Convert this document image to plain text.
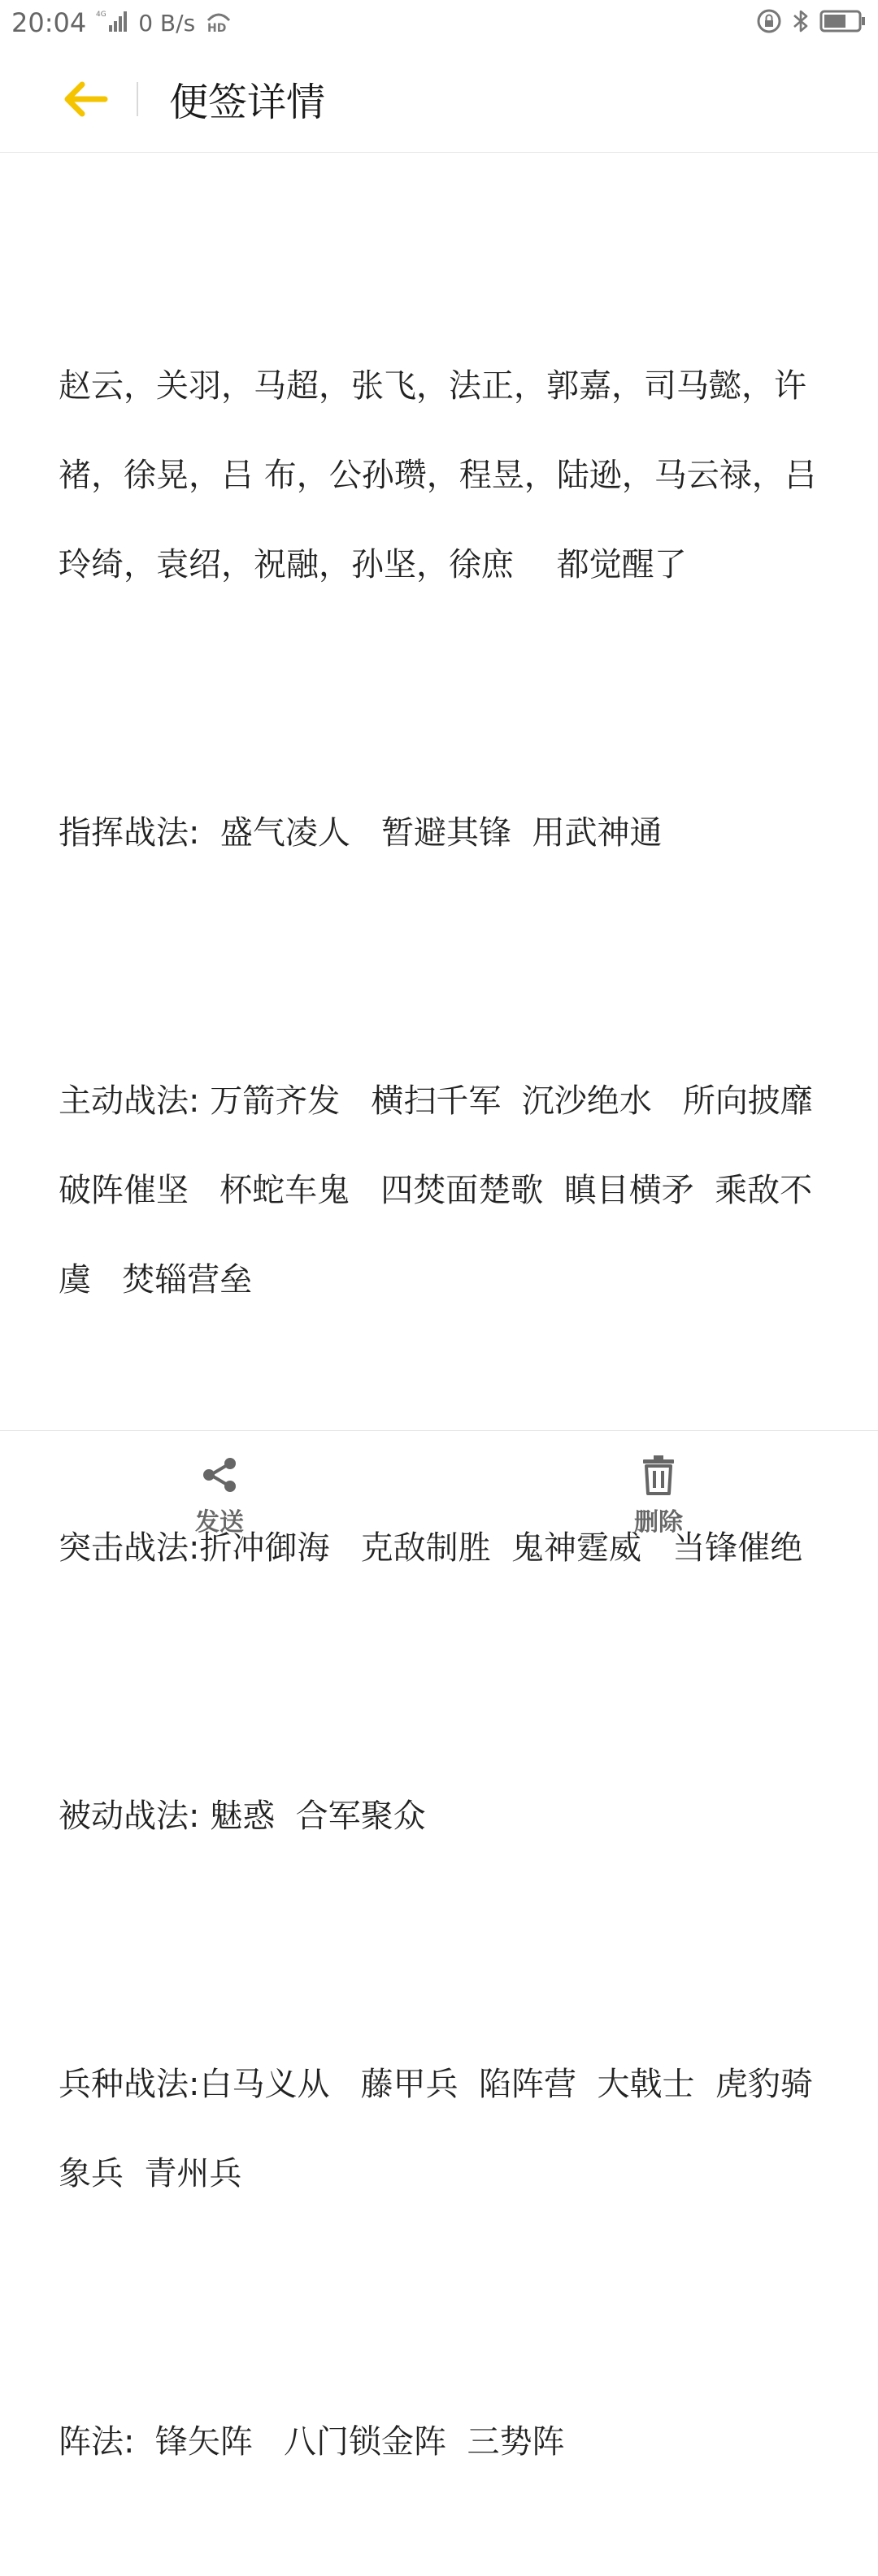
20:04 4G 0 B/s HD
便签详情

赵云，关羽，马超，张飞，法正，郭嘉，司马懿，许褚，徐晃，吕 布，公孙瓒，程昱，陆逊，马云禄，吕玲绮，袁绍，祝融，孙坚，徐庶　 都觉醒了

指挥战法:  盛气凌人   暂避其锋  用武神通

主动战法: 万箭齐发   横扫千军  沉沙绝水   所向披靡   破阵催坚   杯蛇车鬼   四焚面楚歌  瞋目横矛  乘敌不虞   焚辎营垒

突击战法:折冲御海   克敌制胜  鬼神霆威   当锋催绝

被动战法: 魅惑  合军聚众

兵种战法:白马义从   藤甲兵  陷阵营  大戟士  虎豹骑   象兵  青州兵

阵法:  锋矢阵   八门锁金阵  三势阵

发送	删除
